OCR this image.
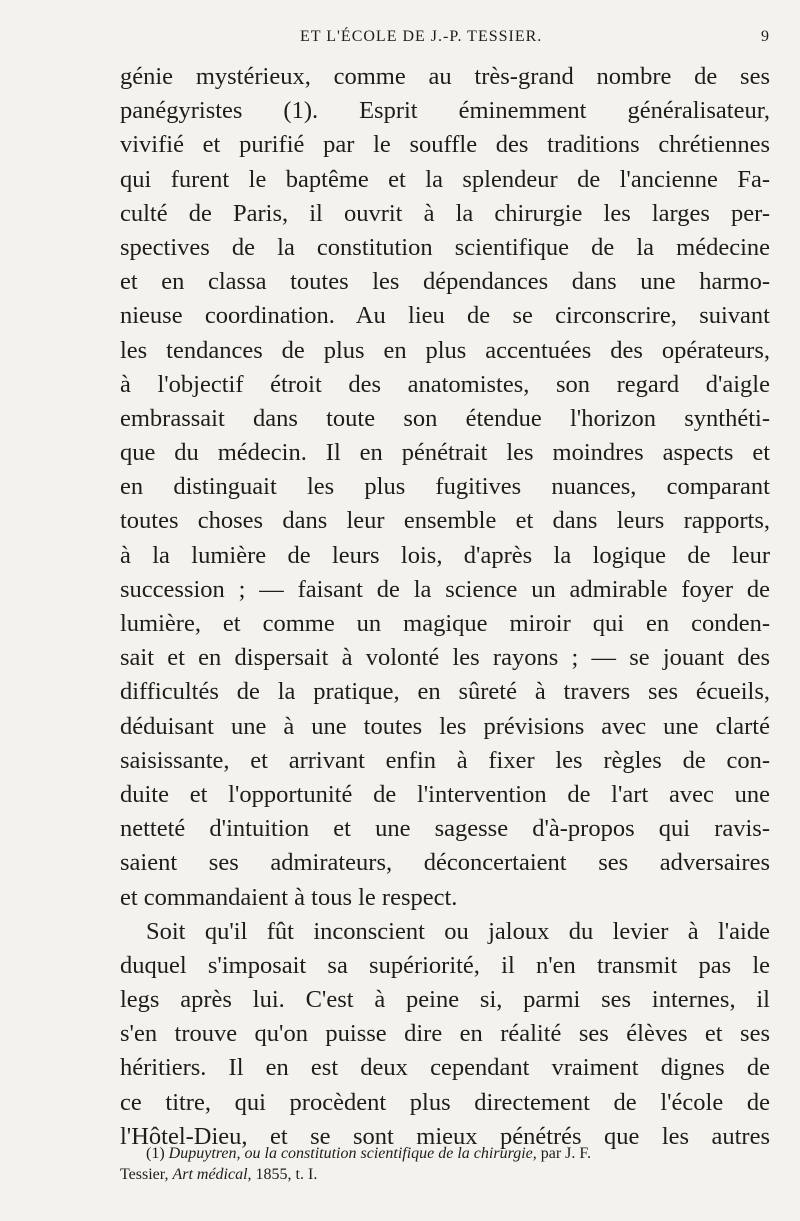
ET L'ÉCOLE DE J.-P. TESSIER.	9
génie mystérieux, comme au très-grand nombre de ses
panégyristes (1). Esprit éminemment généralisateur,
vivifié et purifié par le souffle des traditions chrétiennes
qui furent le baptême et la splendeur de l'ancienne Fa-
culté de Paris, il ouvrit à la chirurgie les larges per-
spectives de la constitution scientifique de la médecine
et en classa toutes les dépendances dans une harmo-
nieuse coordination. Au lieu de se circonscrire, suivant
les tendances de plus en plus accentuées des opérateurs,
à l'objectif étroit des anatomistes, son regard d'aigle
embrassait dans toute son étendue l'horizon synthéti-
que du médecin. Il en pénétrait les moindres aspects et
en distinguait les plus fugitives nuances, comparant
toutes choses dans leur ensemble et dans leurs rapports,
à la lumière de leurs lois, d'après la logique de leur
succession ; — faisant de la science un admirable foyer de
lumière, et comme un magique miroir qui en conden-
sait et en dispersait à volonté les rayons ; — se jouant des
difficultés de la pratique, en sûreté à travers ses écueils,
déduisant une à une toutes les prévisions avec une clarté
saisissante, et arrivant enfin à fixer les règles de con-
duite et l'opportunité de l'intervention de l'art avec une
netteté d'intuition et une sagesse d'à-propos qui ravis-
saient ses admirateurs, déconcertaient ses adversaires
et commandaient à tous le respect.
Soit qu'il fût inconscient ou jaloux du levier à l'aide
duquel s'imposait sa supériorité, il n'en transmit pas le
legs après lui. C'est à peine si, parmi ses internes, il
s'en trouve qu'on puisse dire en réalité ses élèves et ses
héritiers. Il en est deux cependant vraiment dignes de
ce titre, qui procèdent plus directement de l'école de
l'Hôtel-Dieu, et se sont mieux pénétrés que les autres
(1) Dupuytren, ou la constitution scientifique de la chirurgie, par J. F.
Tessier, Art médical, 1855, t. I.
